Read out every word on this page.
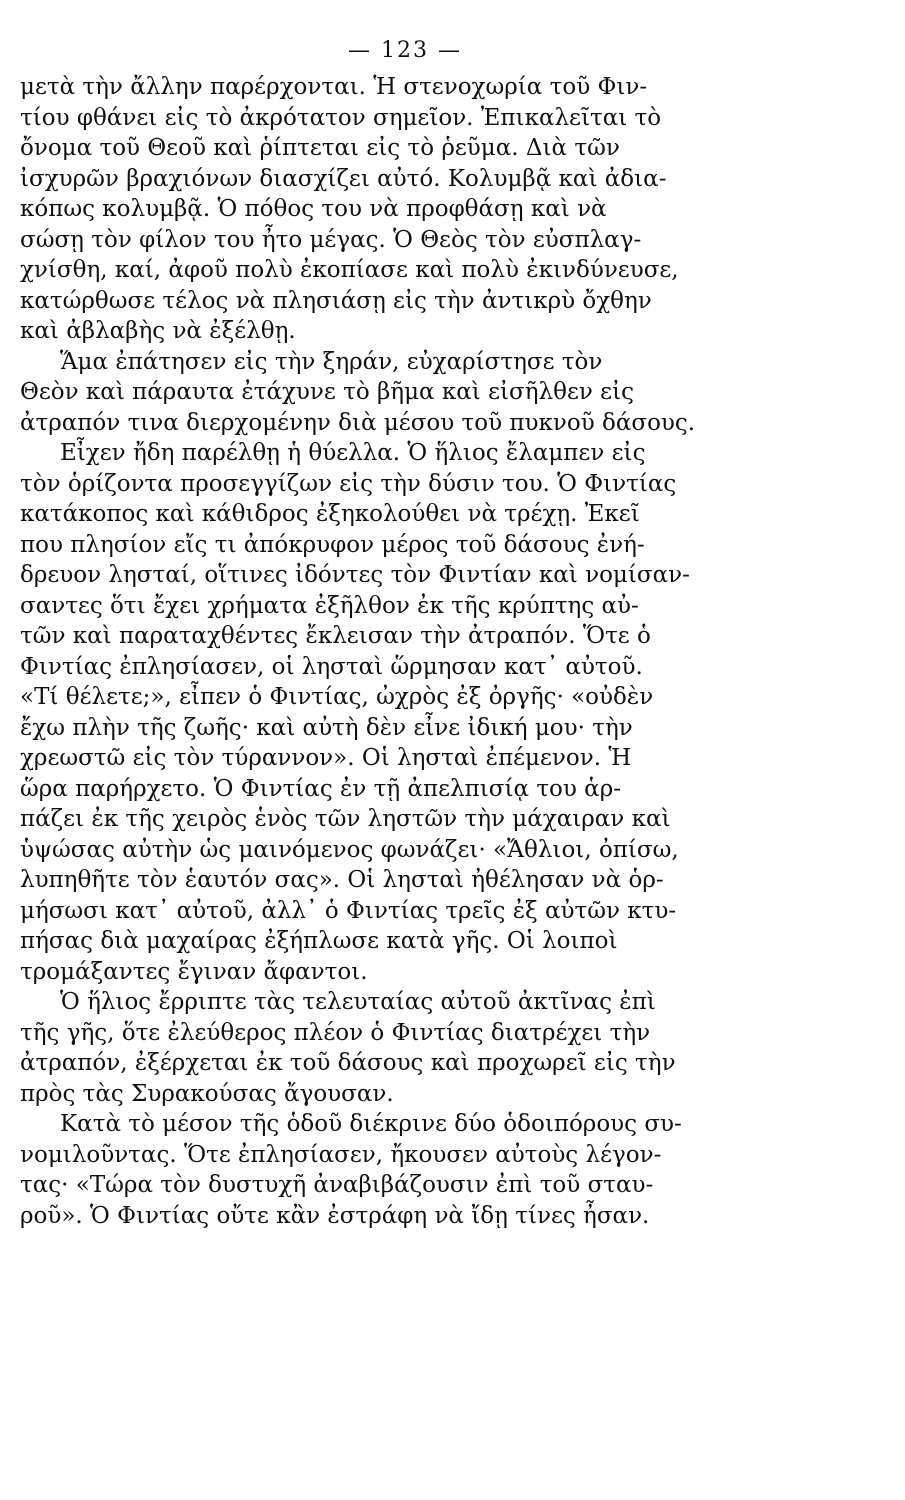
— 123 —
μετὰ τὴν ἄλλην παρέρχονται. Ἡ στενοχωρία τοῦ Φιν-
τίου φθάνει εἰς τὸ ἀκρότατον σημεῖον. Ἐπικαλεῖται τὸ
ὄνομα τοῦ Θεοῦ καὶ ῥίπτεται εἰς τὸ ῥεῦμα. Διὰ τῶν
ἰσχυρῶν βραχιόνων διασχίζει αὐτό. Κολυμβᾷ καὶ ἀδια-
κόπως κολυμβᾷ. Ὁ πόθος του νὰ προφθάσῃ καὶ νὰ
σώσῃ τὸν φίλον του ἦτο μέγας. Ὁ Θεὸς τὸν εὐσπλαγ-
χνίσθη, καί, ἀφοῦ πολὺ ἐκοπίασε καὶ πολὺ ἐκινδύνευσε,
κατώρθωσε τέλος νὰ πλησιάσῃ εἰς τὴν ἀντικρὺ ὄχθην
καὶ ἀβλαβὴς νὰ ἐξέλθῃ.
Ἅμα ἐπάτησεν εἰς τὴν ξηράν, εὐχαρίστησε τὸν
Θεὸν καὶ πάραυτα ἐτάχυνε τὸ βῆμα καὶ εἰσῆλθεν εἰς
ἀτραπόν τινα διερχομένην διὰ μέσου τοῦ πυκνοῦ δάσους.
Εἶχεν ἤδη παρέλθῃ ἡ θύελλα. Ὁ ἥλιος ἔλαμπεν εἰς
τὸν ὁρίζοντα προσεγγίζων εἰς τὴν δύσιν του. Ὁ Φιντίας
κατάκοπος καὶ κάθιδρος ἐξηκολούθει νὰ τρέχῃ. Ἐκεῖ
που πλησίον εἴς τι ἀπόκρυφον μέρος τοῦ δάσους ἐνή-
δρευον λησταί, οἵτινες ἰδόντες τὸν Φιντίαν καὶ νομίσαν-
σαντες ὅτι ἔχει χρήματα ἐξῆλθον ἐκ τῆς κρύπτης αὐ-
τῶν καὶ παραταχθέντες ἔκλεισαν τὴν ἀτραπόν. Ὅτε ὁ
Φιντίας ἐπλησίασεν, οἱ λησταὶ ὥρμησαν κατ᾽ αὐτοῦ.
«Τί θέλετε;», εἶπεν ὁ Φιντίας, ὠχρὸς ἐξ ὀργῆς· «οὐδὲν
ἔχω πλὴν τῆς ζωῆς· καὶ αὐτὴ δὲν εἶνε ἰδική μου· τὴν
χρεωστῶ εἰς τὸν τύραννον». Οἱ λησταὶ ἐπέμενον. Ἡ
ὥρα παρήρχετο. Ὁ Φιντίας ἐν τῇ ἀπελπισίᾳ του ἁρ-
πάζει ἐκ τῆς χειρὸς ἑνὸς τῶν ληστῶν τὴν μάχαιραν καὶ
ὑψώσας αὐτὴν ὡς μαινόμενος φωνάζει· «Ἄθλιοι, ὀπίσω,
λυπηθῆτε τὸν ἑαυτόν σας». Οἱ λησταὶ ἠθέλησαν νὰ ὁρ-
μήσωσι κατ᾽ αὐτοῦ, ἀλλ᾽ ὁ Φιντίας τρεῖς ἐξ αὐτῶν κτυ-
πήσας διὰ μαχαίρας ἐξήπλωσε κατὰ γῆς. Οἱ λοιποὶ
τρομάξαντες ἔγιναν ἄφαντοι.
Ὁ ἥλιος ἔρριπτε τὰς τελευταίας αὐτοῦ ἀκτῖνας ἐπὶ
τῆς γῆς, ὅτε ἐλεύθερος πλέον ὁ Φιντίας διατρέχει τὴν
ἀτραπόν, ἐξέρχεται ἐκ τοῦ δάσους καὶ προχωρεῖ εἰς τὴν
πρὸς τὰς Συρακούσας ἄγουσαν.
Κατὰ τὸ μέσον τῆς ὁδοῦ διέκρινε δύο ὁδοιπόρους συ-
νομιλοῦντας. Ὅτε ἐπλησίασεν, ἤκουσεν αὐτοὺς λέγον-
τας· «Τώρα τὸν δυστυχῆ ἀναβιβάζουσιν ἐπὶ τοῦ σταυ-
ροῦ». Ὁ Φιντίας οὔτε κἂν ἐστράφη νὰ ἴδῃ τίνες ἦσαν.
